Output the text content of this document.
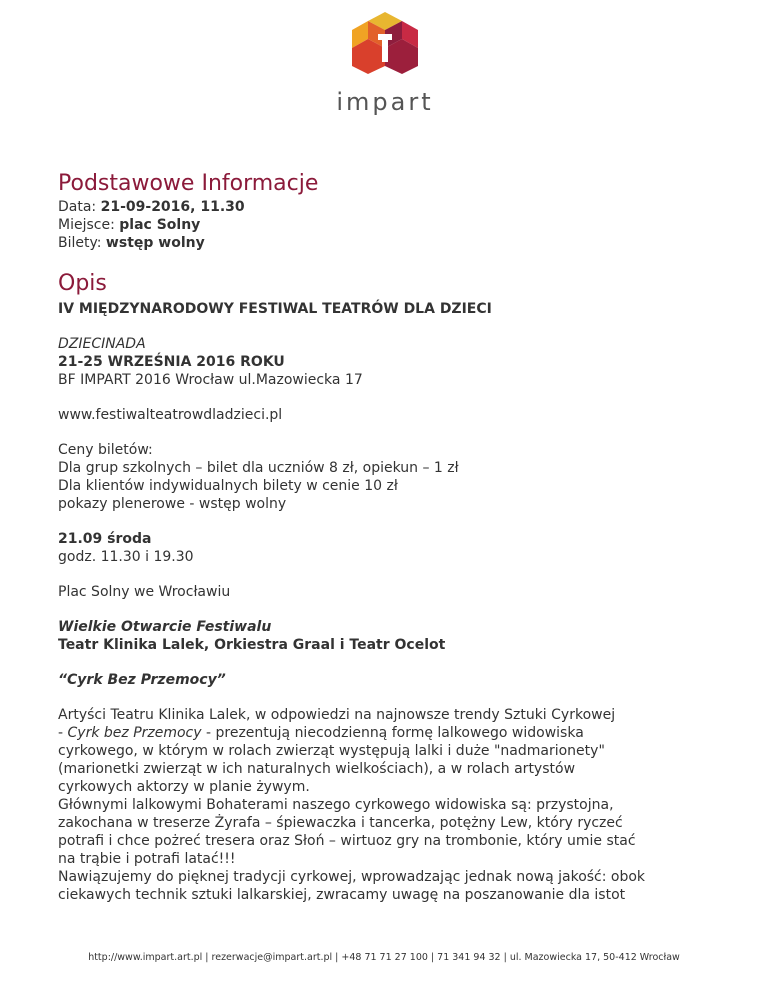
impart
Podstawowe Informacje
Data: 21-09-2016, 11.30
Miejsce: plac Solny
Bilety: wstęp wolny
Opis
IV MIĘDZYNARODOWY FESTIWAL TEATRÓW DLA DZIECI
DZIECINADA
21-25 WRZEŚNIA 2016 ROKU
BF IMPART 2016 Wrocław ul.Mazowiecka 17
www.festiwalteatrowdladzieci.pl
Ceny biletów:
Dla grup szkolnych – bilet dla uczniów 8 zł, opiekun – 1 zł
Dla klientów indywidualnych bilety w cenie 10 zł
pokazy plenerowe - wstęp wolny
21.09 środa
godz. 11.30 i 19.30
Plac Solny we Wrocławiu
Wielkie Otwarcie Festiwalu
Teatr Klinika Lalek, Orkiestra Graal i Teatr Ocelot
“Cyrk Bez Przemocy”
Artyści Teatru Klinika Lalek, w odpowiedzi na najnowsze trendy Sztuki Cyrkowej
- Cyrk bez Przemocy - prezentują niecodzienną formę lalkowego widowiska
cyrkowego, w którym w rolach zwierząt występują lalki i duże "nadmarionety"
(marionetki zwierząt w ich naturalnych wielkościach), a w rolach artystów
cyrkowych aktorzy w planie żywym.
Głównymi lalkowymi Bohaterami naszego cyrkowego widowiska są: przystojna,
zakochana w treserze Żyrafa – śpiewaczka i tancerka, potężny Lew, który ryczeć
potrafi i chce pożreć tresera oraz Słoń – wirtuoz gry na trombonie, który umie stać
na trąbie i potrafi latać!!!
Nawiązujemy do pięknej tradycji cyrkowej, wprowadzając jednak nową jakość: obok
ciekawych technik sztuki lalkarskiej, zwracamy uwagę na poszanowanie dla istot
http://www.impart.art.pl | rezerwacje@impart.art.pl | +48 71 71 27 100 | 71 341 94 32 | ul. Mazowiecka 17, 50-412 Wrocław
